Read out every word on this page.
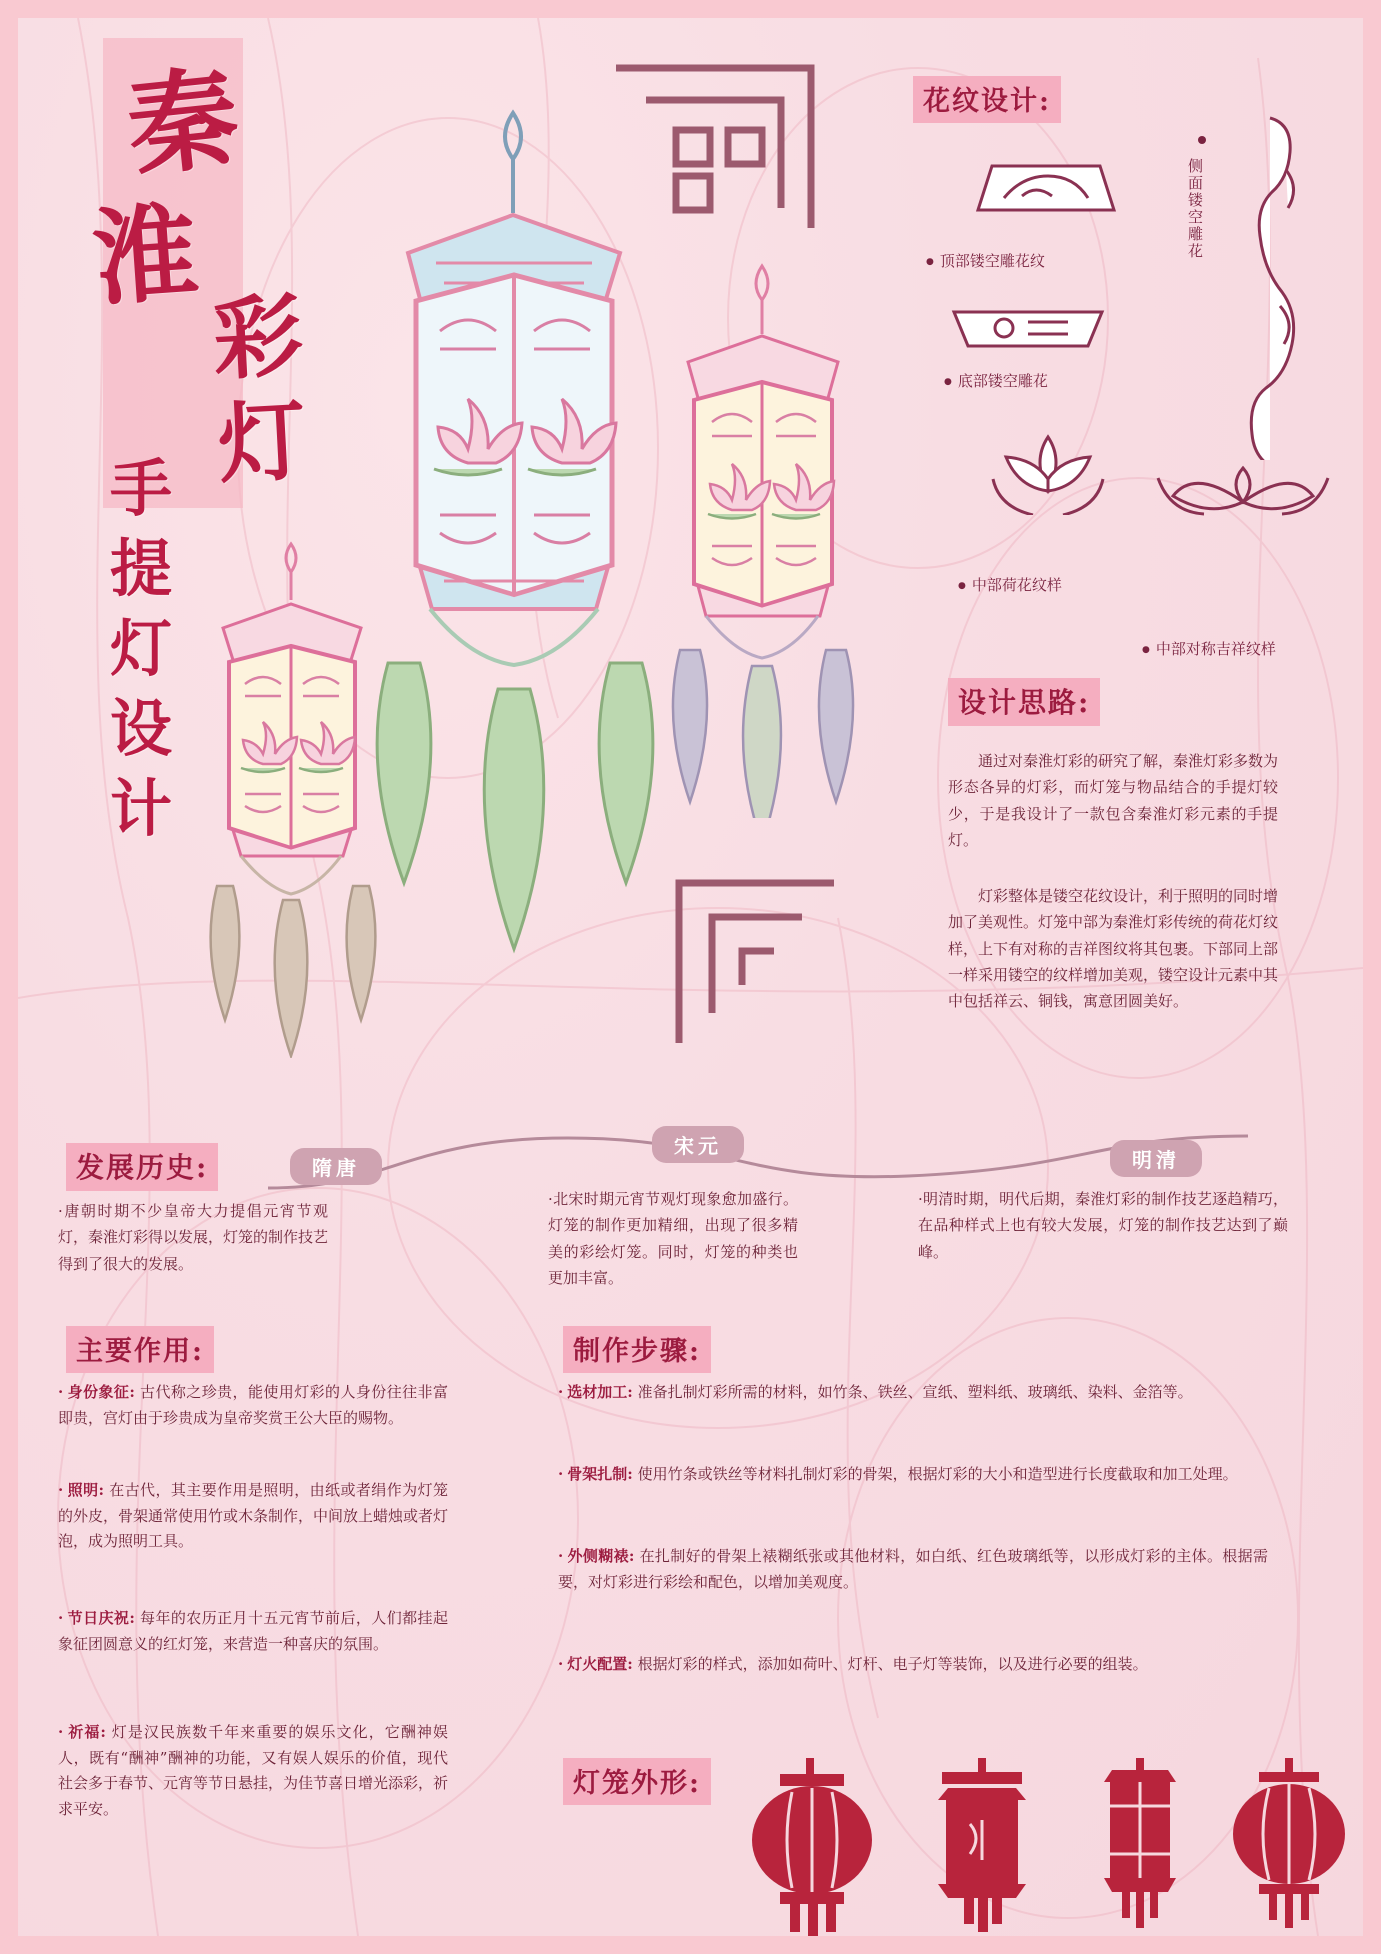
秦
淮
彩
灯
手
提
灯
设
计
花纹设计:
● 顶部镂空雕花纹
● 底部镂空雕花
● 中部荷花纹样
● 中部对称吉祥纹样
侧面镂空雕花
设计思路:
通过对秦淮灯彩的研究了解，秦淮灯彩多数为形态各异的灯彩，而灯笼与物品结合的手提灯较少，于是我设计了一款包含秦淮灯彩元素的手提灯。
灯彩整体是镂空花纹设计，利于照明的同时增加了美观性。灯笼中部为秦淮灯彩传统的荷花灯纹样，上下有对称的吉祥图纹将其包裹。下部同上部一样采用镂空的纹样增加美观，镂空设计元素中其中包括祥云、铜钱，寓意团圆美好。
发展历史:	隋唐
宋元
明清
·唐朝时期不少皇帝大力提倡元宵节观灯，秦淮灯彩得以发展，灯笼的制作技艺得到了很大的发展。
·北宋时期元宵节观灯现象愈加盛行。灯笼的制作更加精细，出现了很多精美的彩绘灯笼。同时，灯笼的种类也更加丰富。
·明清时期，明代后期，秦淮灯彩的制作技艺逐趋精巧，在品种样式上也有较大发展，灯笼的制作技艺达到了巅峰。
主要作用:
· 身份象征: 古代称之珍贵，能使用灯彩的人身份往往非富即贵，宫灯由于珍贵成为皇帝奖赏王公大臣的赐物。
· 照明: 在古代，其主要作用是照明，由纸或者绢作为灯笼的外皮，骨架通常使用竹或木条制作，中间放上蜡烛或者灯泡，成为照明工具。
· 节日庆祝: 每年的农历正月十五元宵节前后，人们都挂起象征团圆意义的红灯笼，来营造一种喜庆的氛围。
· 祈福: 灯是汉民族数千年来重要的娱乐文化，它酬神娱人，既有“酬神”酬神的功能，又有娱人娱乐的价值，现代社会多于春节、元宵等节日悬挂，为佳节喜日增光添彩，祈求平安。
制作步骤:
· 选材加工: 准备扎制灯彩所需的材料，如竹条、铁丝、宣纸、塑料纸、玻璃纸、染料、金箔等。
· 骨架扎制: 使用竹条或铁丝等材料扎制灯彩的骨架，根据灯彩的大小和造型进行长度截取和加工处理。
· 外侧糊裱: 在扎制好的骨架上裱糊纸张或其他材料，如白纸、红色玻璃纸等，以形成灯彩的主体。根据需要，对灯彩进行彩绘和配色，以增加美观度。
· 灯火配置: 根据灯彩的样式，添加如荷叶、灯杆、电子灯等装饰，以及进行必要的组装。
灯笼外形:
